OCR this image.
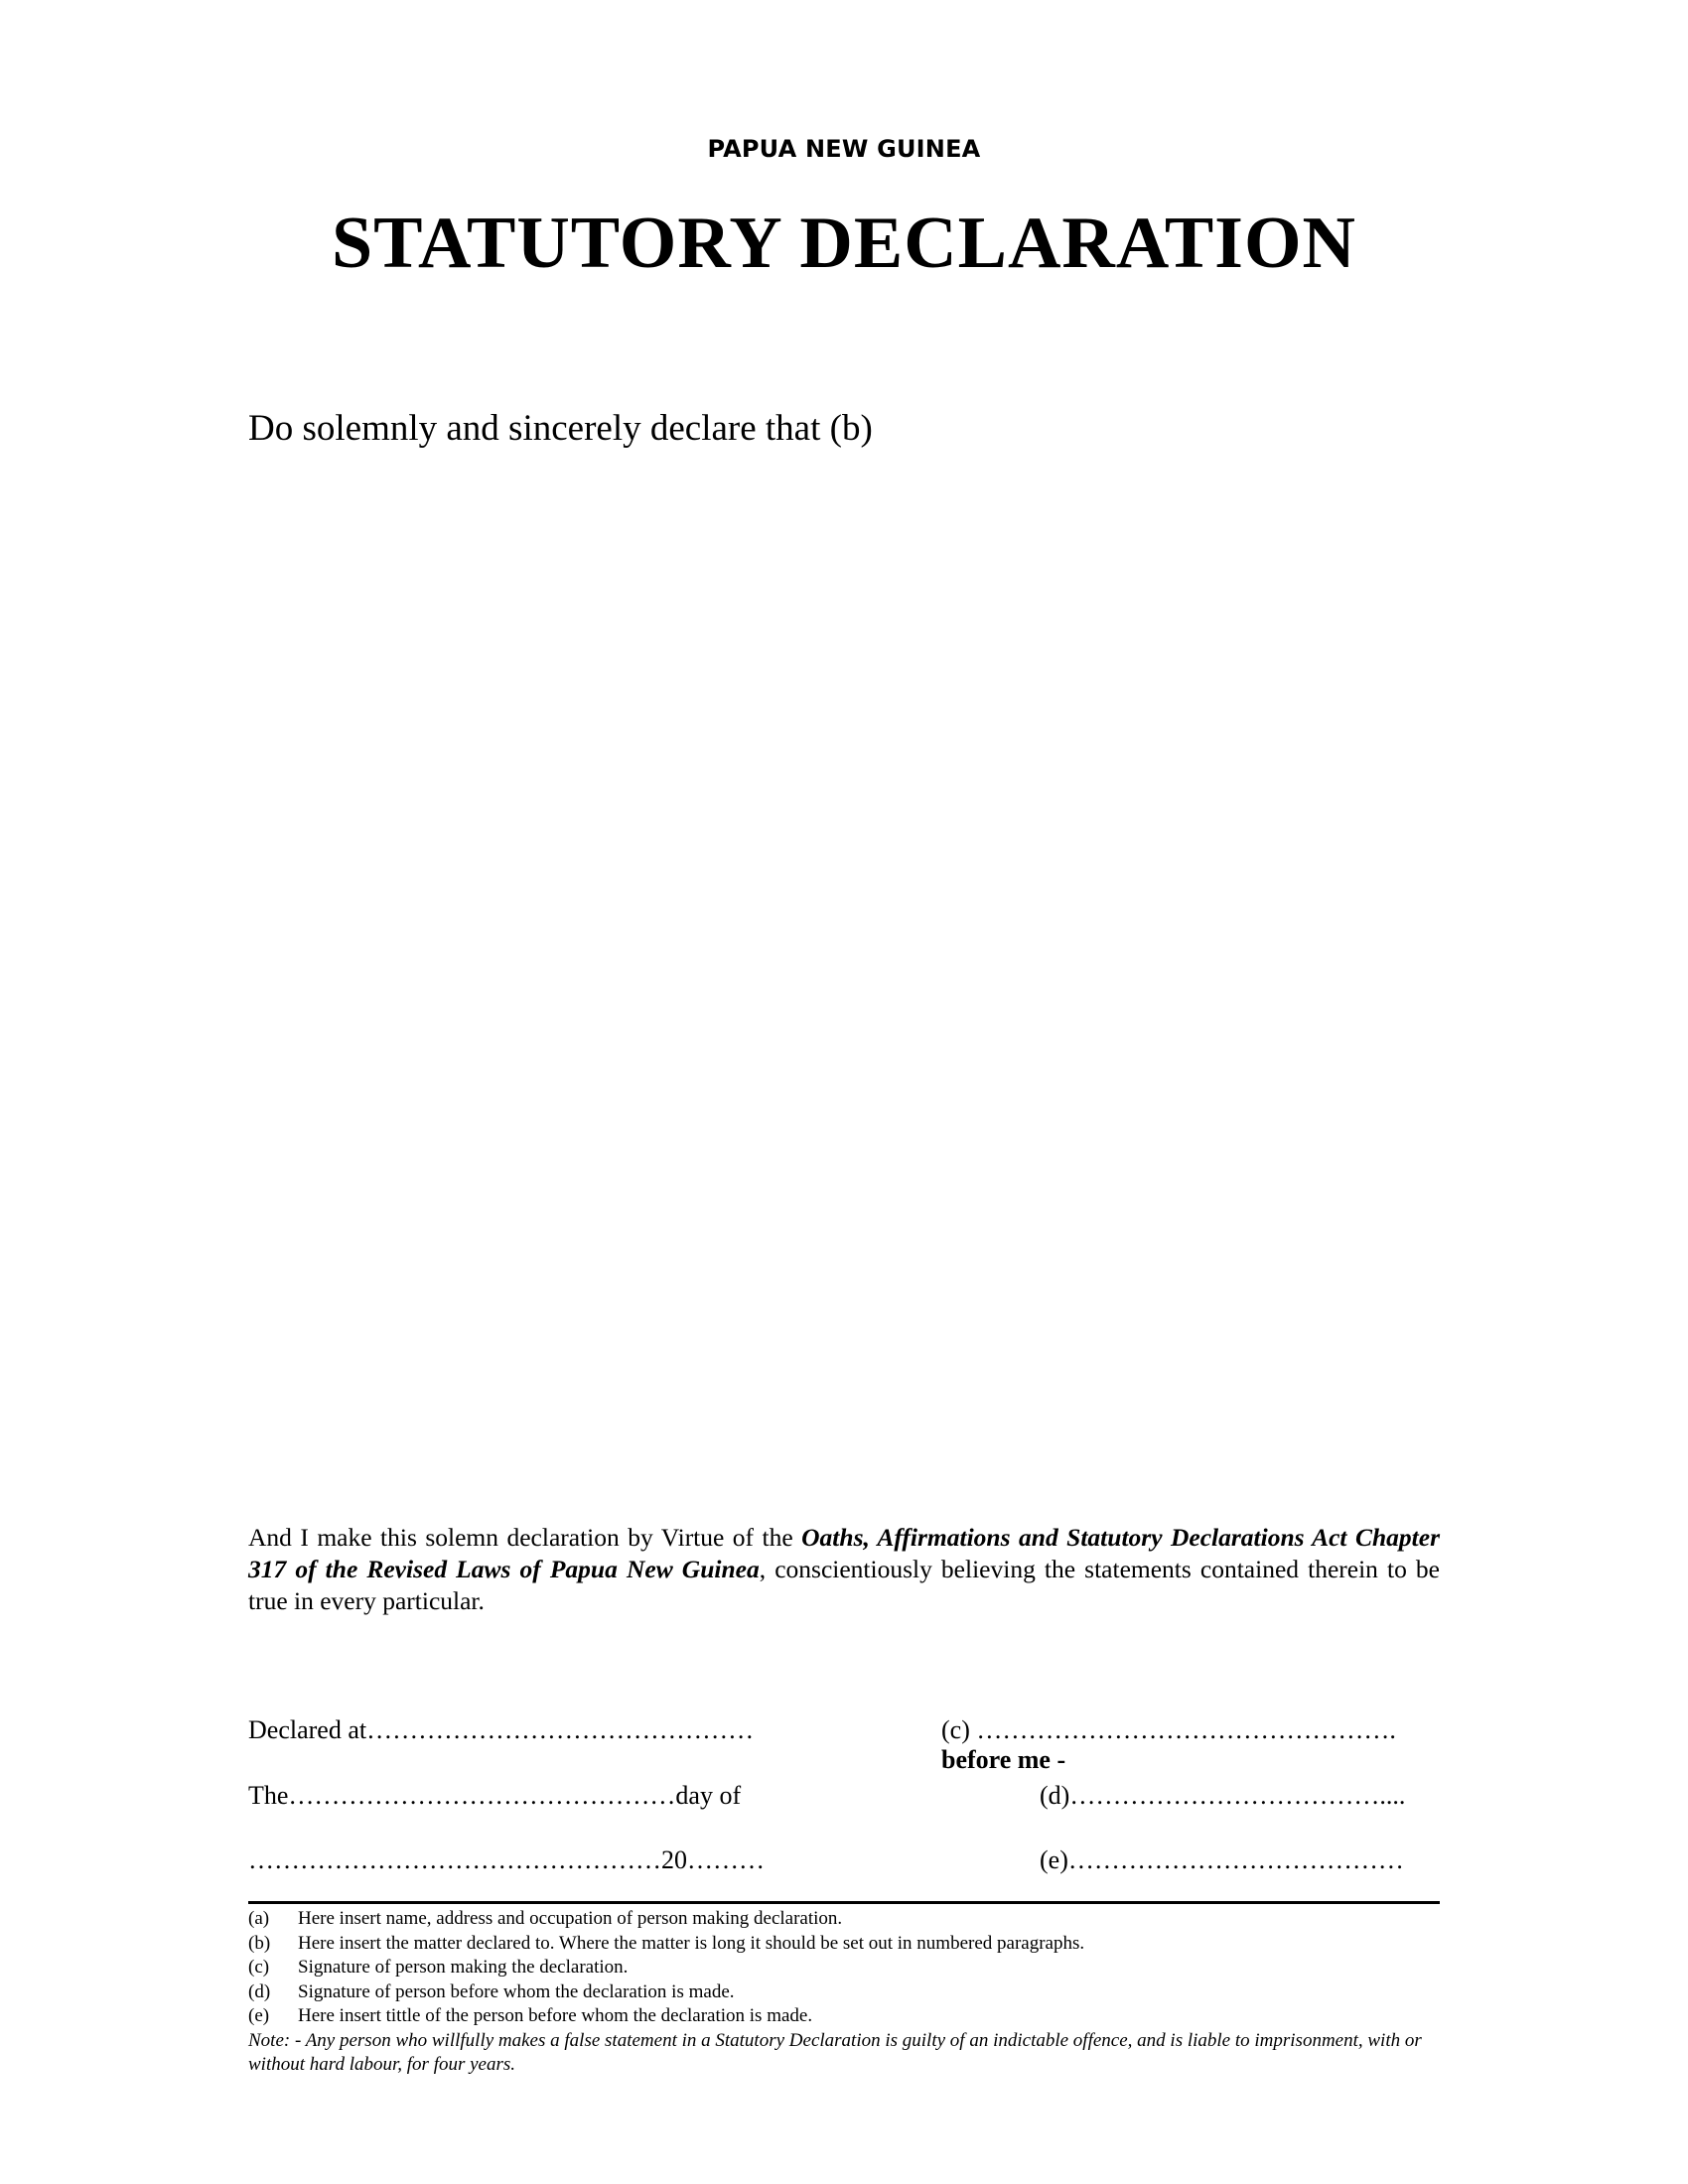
PAPUA NEW GUINEA
STATUTORY DECLARATION
Do solemnly and sincerely declare that (b)
And I make this solemn declaration by Virtue of the Oaths, Affirmations and Statutory Declarations Act Chapter 317 of the Revised Laws of Papua New Guinea, conscientiously believing the statements contained therein to be true in every particular.
Declared at………………………………………
The………………………………………day of
…………………………………………20………
(c) ………………………………………….
before me -
(d)………………………………....
(e)…………………………………
(a)	Here insert name, address and occupation of person making declaration.
(b)	Here insert the matter declared to. Where the matter is long it should be set out in numbered paragraphs.
(c)	Signature of person making the declaration.
(d)	Signature of person before whom the declaration is made.
(e)	Here insert tittle of the person before whom the declaration is made.
Note: - Any person who willfully makes a false statement in a Statutory Declaration is guilty of an indictable offence, and is liable to imprisonment, with or without hard labour, for four years.
